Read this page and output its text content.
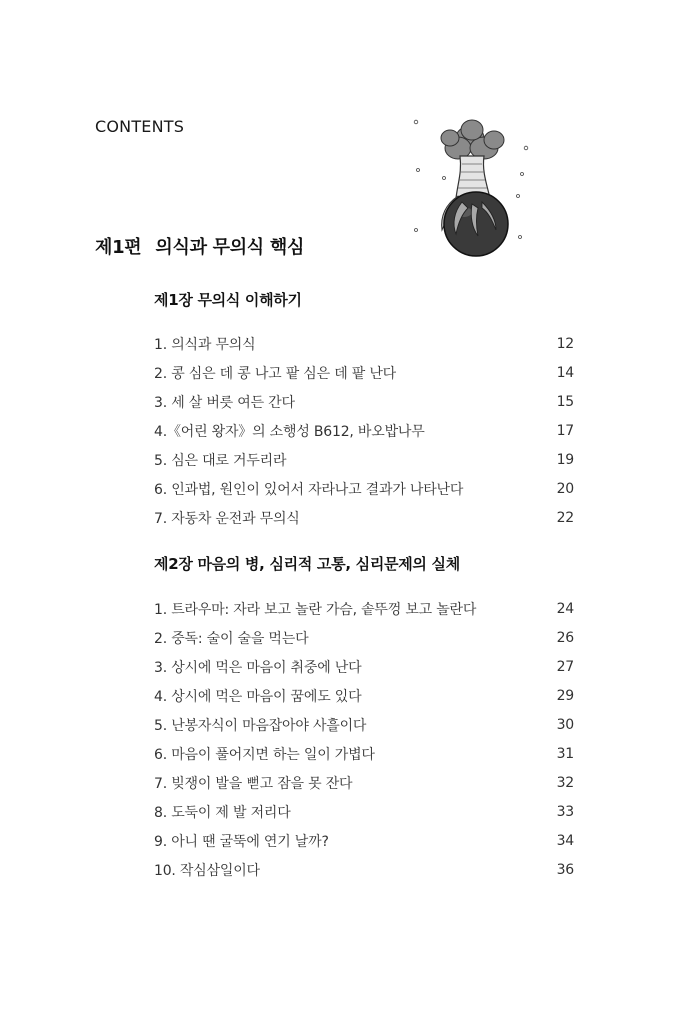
CONTENTS
제1편 의식과 무의식 핵심
제1장 무의식 이해하기
1. 의식과 무의식	12
2. 콩 심은 데 콩 나고 팥 심은 데 팥 난다	14
3. 세 살 버릇 여든 간다	15
4.《어린 왕자》의 소행성 B612, 바오밥나무	17
5. 심은 대로 거두리라	19
6. 인과법, 원인이 있어서 자라나고 결과가 나타난다	20
7. 자동차 운전과 무의식	22
제2장 마음의 병, 심리적 고통, 심리문제의 실체
1. 트라우마: 자라 보고 놀란 가슴, 솥뚜껑 보고 놀란다	24
2. 중독: 술이 술을 먹는다	26
3. 상시에 먹은 마음이 취중에 난다	27
4. 상시에 먹은 마음이 꿈에도 있다	29
5. 난봉자식이 마음잡아야 사흘이다	30
6. 마음이 풀어지면 하는 일이 가볍다	31
7. 빚쟁이 발을 뻗고 잠을 못 잔다	32
8. 도둑이 제 발 저리다	33
9. 아니 땐 굴뚝에 연기 날까?	34
10. 작심삼일이다	36
